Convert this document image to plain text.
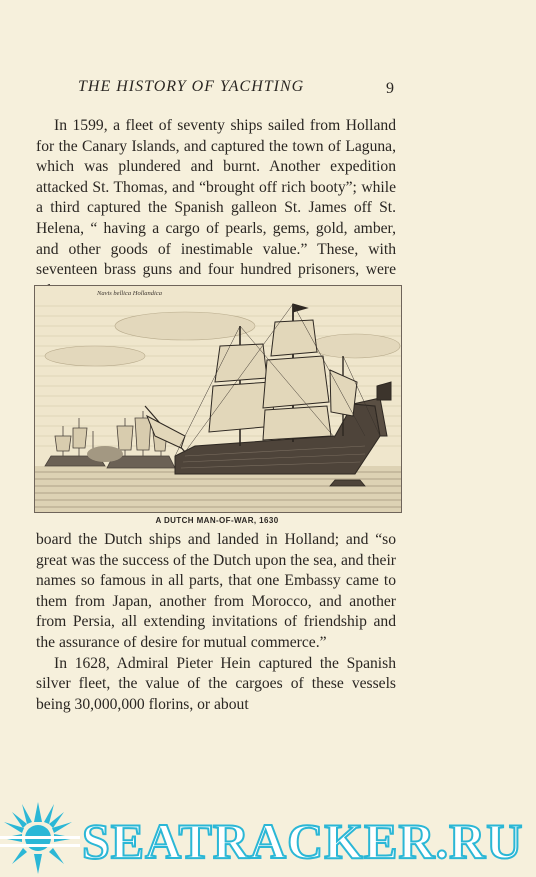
THE HISTORY OF YACHTING	9

In 1599, a fleet of seventy ships sailed from Holland for the Canary Islands, and captured the town of Laguna, which was plundered and burnt. Another expedition attacked St. Thomas, and “brought off rich booty”; while a third captured the Spanish galleon St. James off St. Helena, “ having a cargo of pearls, gems, gold, amber, and other goods of inestimable value.” These, with seventeen brass guns and four hundred prisoners, were

Navis bellica Hollandica
A DUTCH MAN-OF-WAR, 1630

board the Dutch ships and landed in Holland; and “so great was the success of the Dutch upon the sea, and their names so famous in all parts, that one Embassy came to them from Japan, another from Morocco, and another from Persia, all extending invitations of friendship and the assurance of desire for mutual commerce.”

In 1628, Admiral Pieter Hein captured the Spanish silver fleet, the value of the cargoes of these vessels being 30,000,000 florins, or about

SEATRACKER.RU
